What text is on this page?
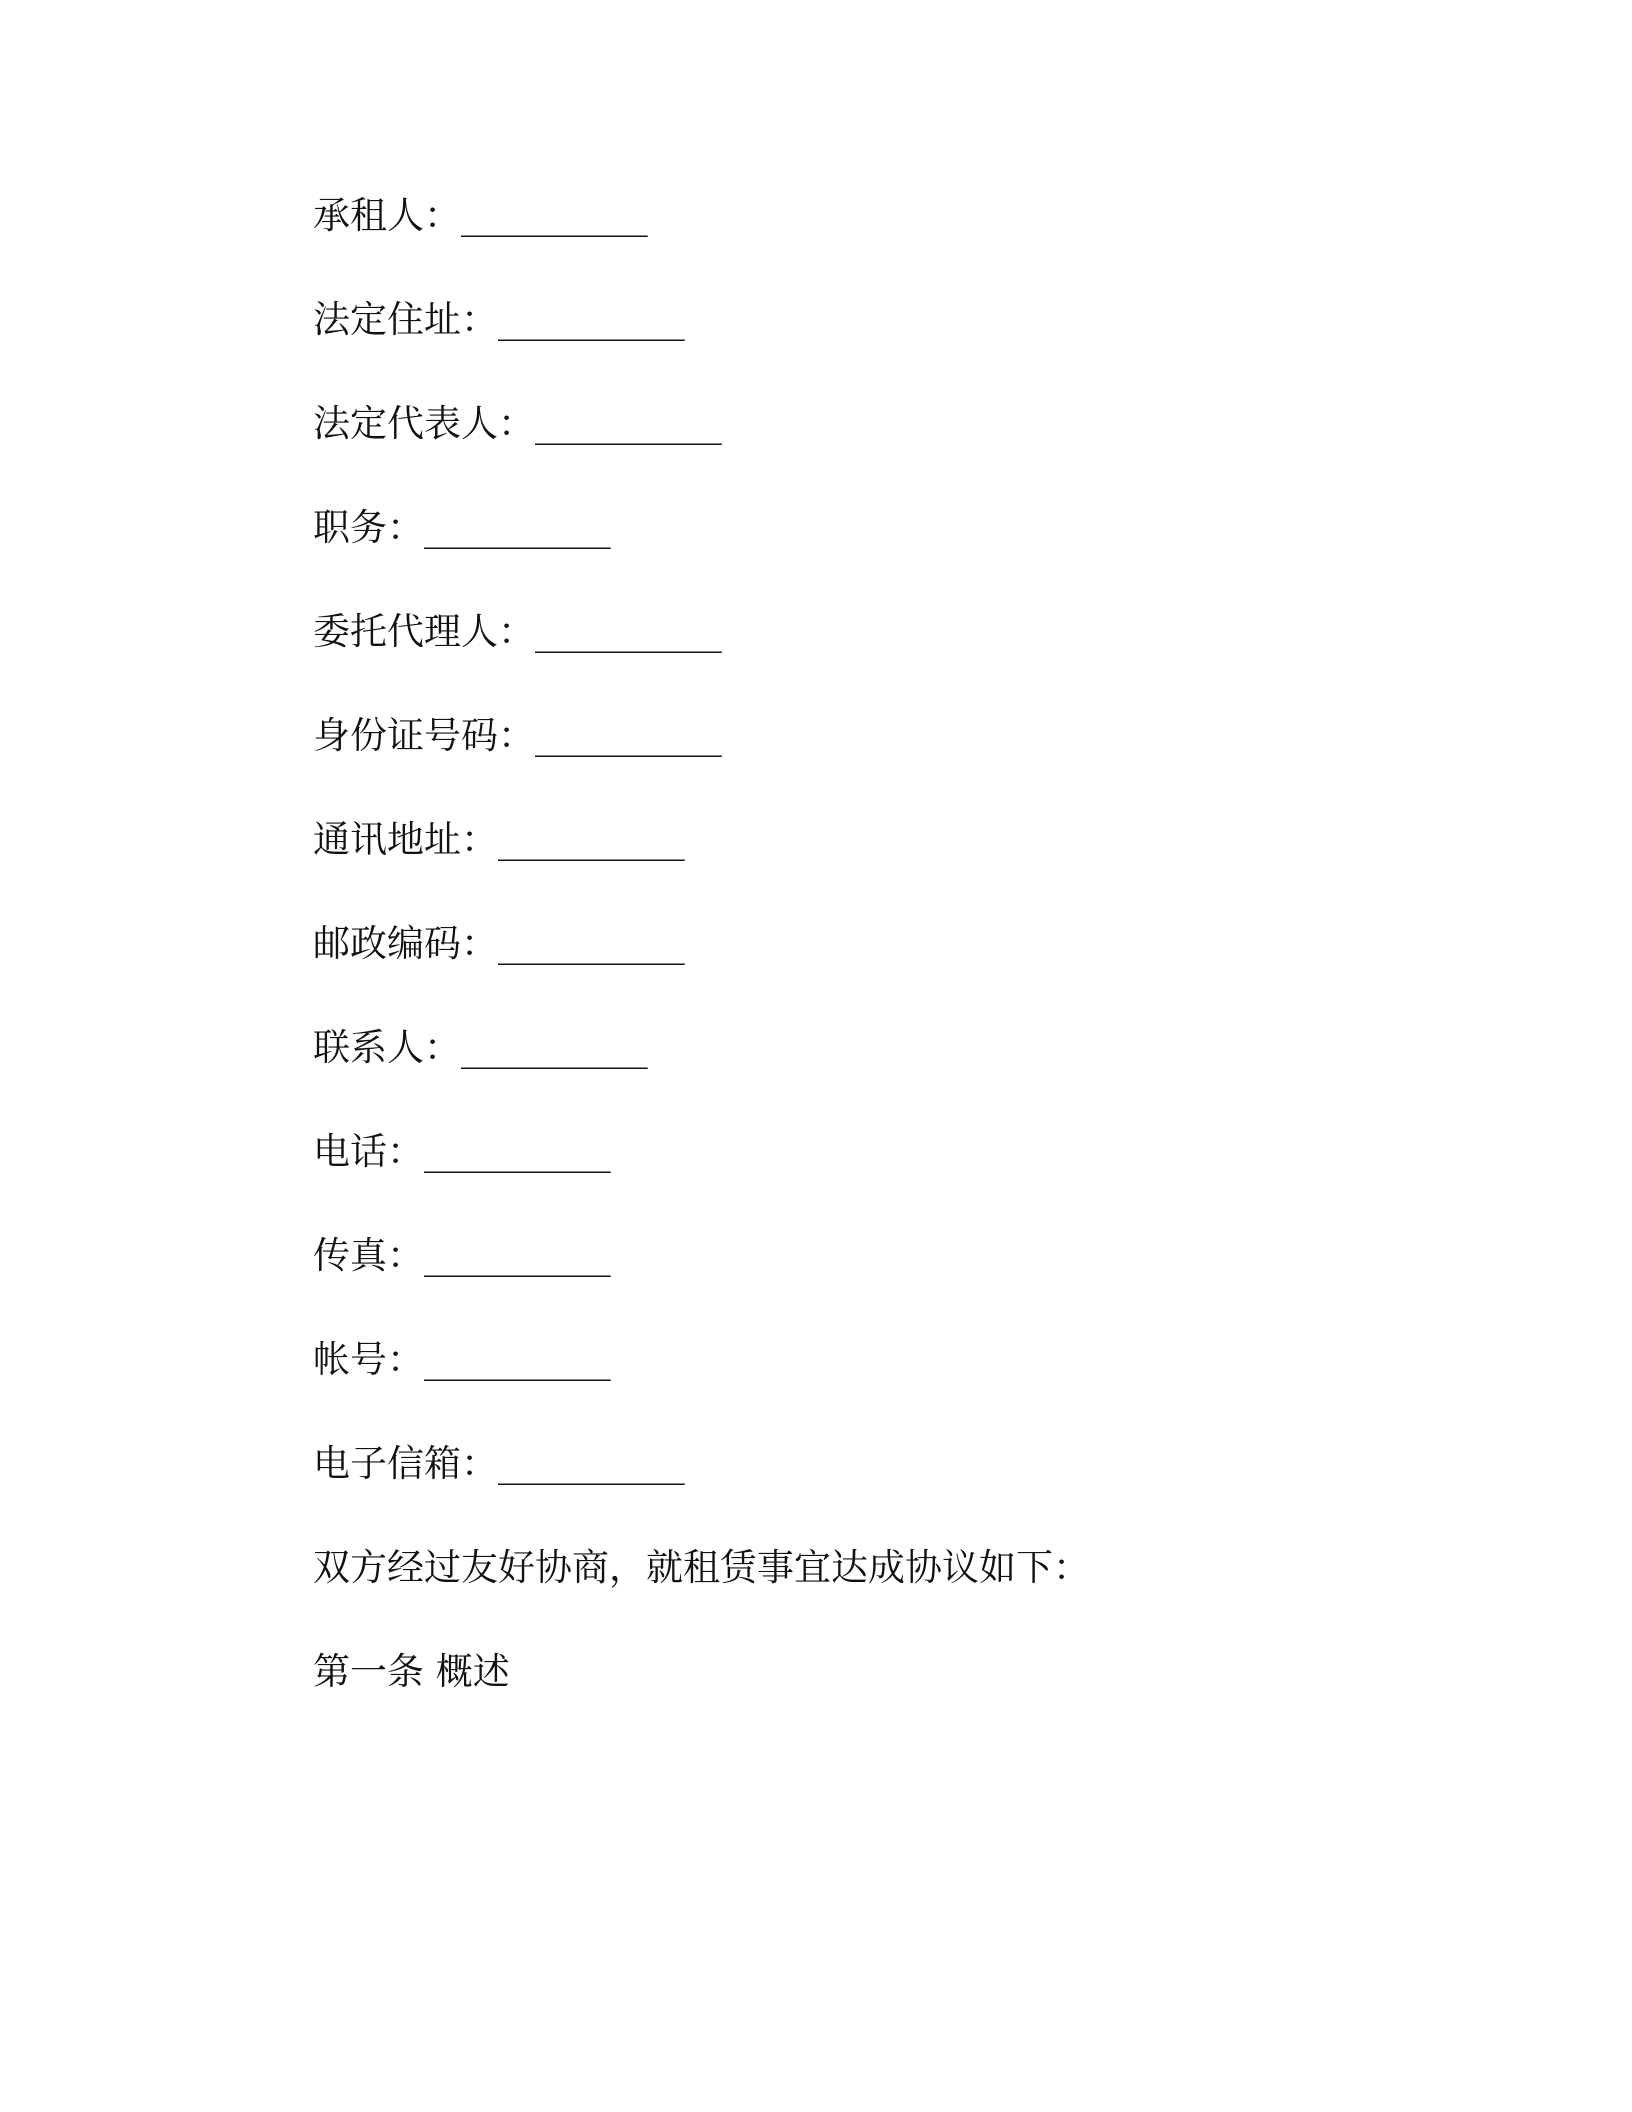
承租人：__________
法定住址：__________
法定代表人：__________
职务：__________
委托代理人：__________
身份证号码：__________
通讯地址：__________
邮政编码：__________
联系人：__________
电话：__________
传真：__________
帐号：__________
电子信箱：__________
双方经过友好协商，就租赁事宜达成协议如下：
第一条 概述
